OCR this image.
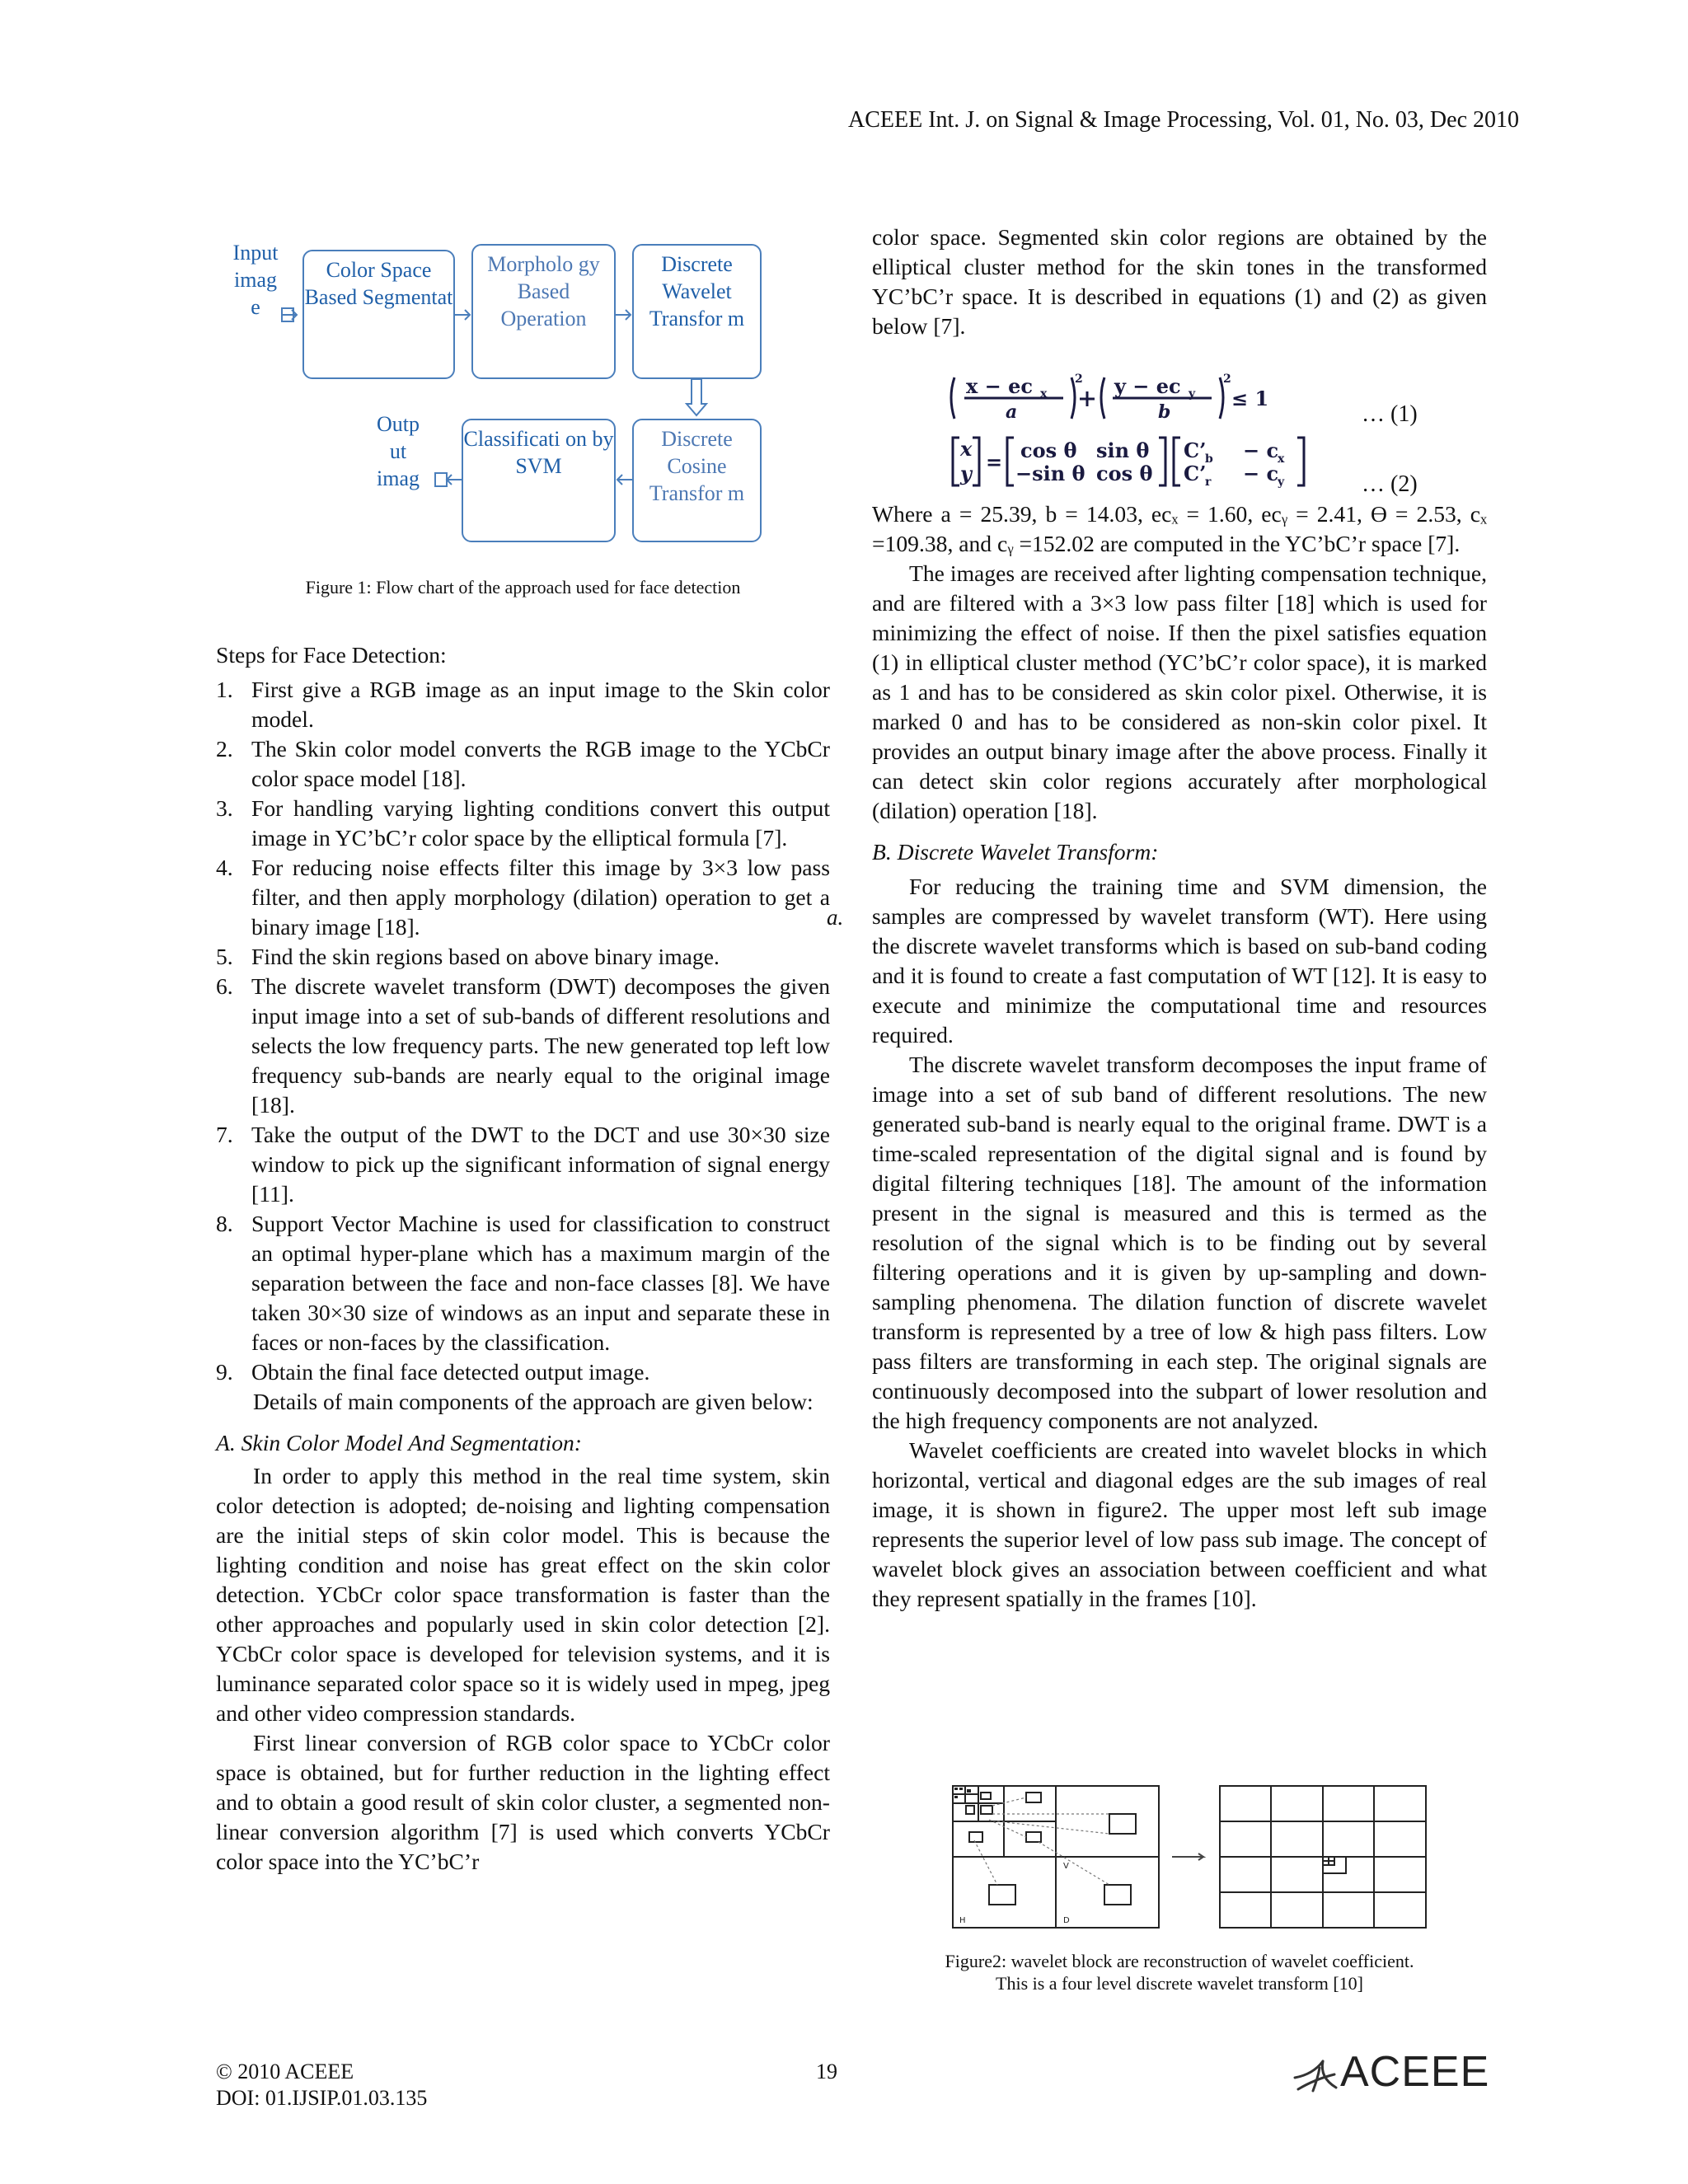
ACEEE Int. J. on Signal & Image Processing, Vol. 01, No. 03, Dec 2010
Input imag e
Color Space Based Segmentat
Morpholo gy Based Operation
Discrete Wavelet Transfor m
Discrete Cosine Transfor m
Classificati on by SVM
Outp ut imag
Figure 1: Flow chart of the approach used for face detection

Steps for Face Detection:

1. First give a RGB image as an input image to the Skin color model.
2. The Skin color model converts the RGB image to the YCbCr color space model [18].
3. For handling varying lighting conditions convert this output image in YC’bC’r color space by the elliptical formula [7].
4. For reducing noise effects filter this image by 3×3 low pass filter, and then apply morphology (dilation) operation to get a binary image [18].
5. Find the skin regions based on above binary image.
6. The discrete wavelet transform (DWT) decomposes the given input image into a set of sub-bands of different resolutions and selects the low frequency parts. The new generated top left low frequency sub-bands are nearly equal to the original image [18].
7. Take the output of the DWT to the DCT and use 30×30 size window to pick up the significant information of signal energy [11].
8. Support Vector Machine is used for classification to construct an optimal hyper-plane which has a maximum margin of the separation between the face and non-face classes [8]. We have taken 30×30 size of windows as an input and separate these in faces or non-faces by the classification.
9. Obtain the final face detected output image.

Details of main components of the approach are given below:

A. Skin Color Model And Segmentation:

In order to apply this method in the real time system, skin color detection is adopted; de-noising and lighting compensation are the initial steps of skin color model. This is because the lighting condition and noise has great effect on the skin color detection. YCbCr color space transformation is faster than the other approaches and popularly used in skin color detection [2]. YCbCr color space is developed for television systems, and it is luminance separated color space so it is widely used in mpeg, jpeg and other video compression standards.

First linear conversion of RGB color space to YCbCr color space is obtained, but for further reduction in the lighting effect and to obtain a good result of skin color cluster, a segmented non-linear conversion algorithm [7] is used which converts YCbCr color space into the YC’bC’r

a.

color space. Segmented skin color regions are obtained by the elliptical cluster method for the skin tones in the transformed YC’bC’r space. It is described in equations (1) and (2) as given below [7].

x − ec x
a
2 y − ec y
b
2
≤ 1
… (1)
x
y = cos θ sin θ
−sin θ cos θ
C’
b
C’
r
− c
x
− c
y	… (2)

Where a = 25.39, b = 14.03, ecₓ = 1.60, ecᵧ = 2.41, Ɵ = 2.53, cₓ =109.38, and cᵧ =152.02 are computed in the YC’bC’r space [7].

The images are received after lighting compensation technique, and are filtered with a 3×3 low pass filter [18] which is used for minimizing the effect of noise. If then the pixel satisfies equation (1) in elliptical cluster method (YC’bC’r color space), it is marked as 1 and has to be considered as skin color pixel. Otherwise, it is marked 0 and has to be considered as non-skin color pixel. It provides an output binary image after the above process. Finally it can detect skin color regions accurately after morphological (dilation) operation [18].

B. Discrete Wavelet Transform:

For reducing the training time and SVM dimension, the samples are compressed by wavelet transform (WT). Here using the discrete wavelet transforms which is based on sub-band coding and it is found to create a fast computation of WT [12]. It is easy to execute and minimize the computational time and resources required.

The discrete wavelet transform decomposes the input frame of image into a set of sub band of different resolutions. The new generated sub-band is nearly equal to the original frame. DWT is a time-scaled representation of the digital signal and is found by digital filtering techniques [18]. The amount of the information present in the signal is measured and this is termed as the resolution of the signal which is to be finding out by several filtering operations and it is given by up-sampling and down-sampling phenomena. The dilation function of discrete wavelet transform is represented by a tree of low & high pass filters. Low pass filters are transforming in each step. The original signals are continuously decomposed into the subpart of lower resolution and the high frequency components are not analyzed.

Wavelet coefficients are created into wavelet blocks in which horizontal, vertical and diagonal edges are the sub images of real image, it is shown in figure2. The upper most left sub image represents the superior level of low pass sub image. The concept of wavelet block gives an association between coefficient and what they represent spatially in the frames [10].

V
H	D
Figure2: wavelet block are reconstruction of wavelet coefficient.
This is a four level discrete wavelet transform [10]
© 2010 ACEEE
DOI: 01.IJSIP.01.03.135
19	ACEEE
